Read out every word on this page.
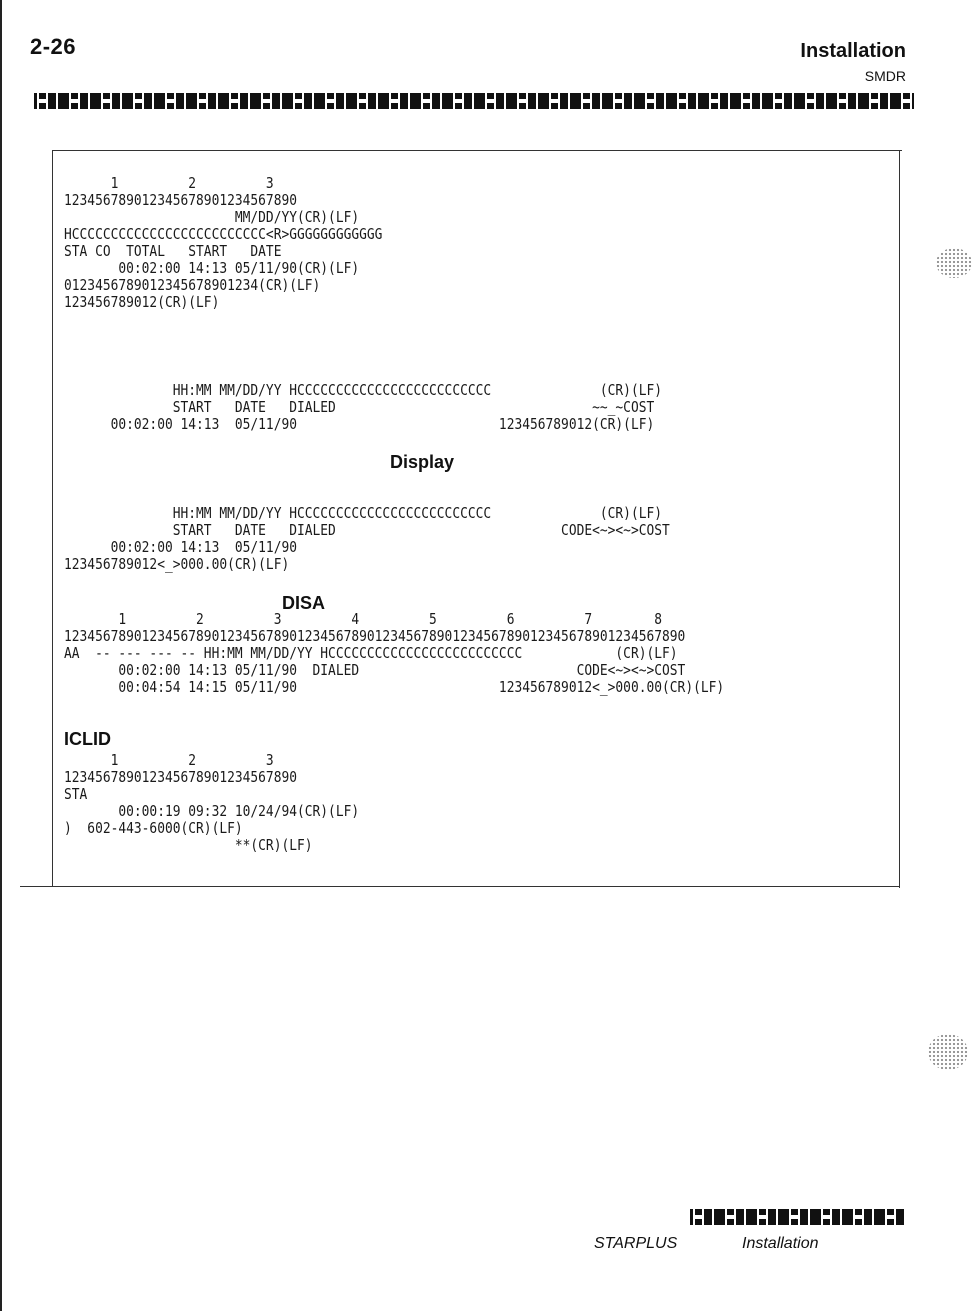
2-26	Installation
SMDR
1         2         3
123456789012345678901234567890
MM/DD/YY(CR)(LF)
HCCCCCCCCCCCCCCCCCCCCCCCCC<R>GGGGGGGGGGGG
STA CO  TOTAL   START   DATE
00:02:00 14:13 05/11/90(CR)(LF)
0123456789012345678901234(CR)(LF)
123456789012(CR)(LF)
HH:MM MM/DD/YY HCCCCCCCCCCCCCCCCCCCCCCCCC              (CR)(LF)
START   DATE   DIALED                                 ~~_~COST
00:02:00 14:13  05/11/90                          123456789012(CR)(LF)
Display
HH:MM MM/DD/YY HCCCCCCCCCCCCCCCCCCCCCCCCC              (CR)(LF)
START   DATE   DIALED                             CODE<~><~>COST
00:02:00 14:13  05/11/90
123456789012<_>000.00(CR)(LF)
DISA
1         2         3         4         5         6         7        8
12345678901234567890123456789012345678901234567890123456789012345678901234567890
AA  -- --- --- -- HH:MM MM/DD/YY HCCCCCCCCCCCCCCCCCCCCCCCCC            (CR)(LF)
00:02:00 14:13 05/11/90  DIALED                            CODE<~><~>COST
00:04:54 14:15 05/11/90                          123456789012<_>000.00(CR)(LF)
ICLID
1         2         3
123456789012345678901234567890
STA
00:00:19 09:32 10/24/94(CR)(LF)
)  602-443-6000(CR)(LF)
**(CR)(LF)
STARPLUS	Installation
